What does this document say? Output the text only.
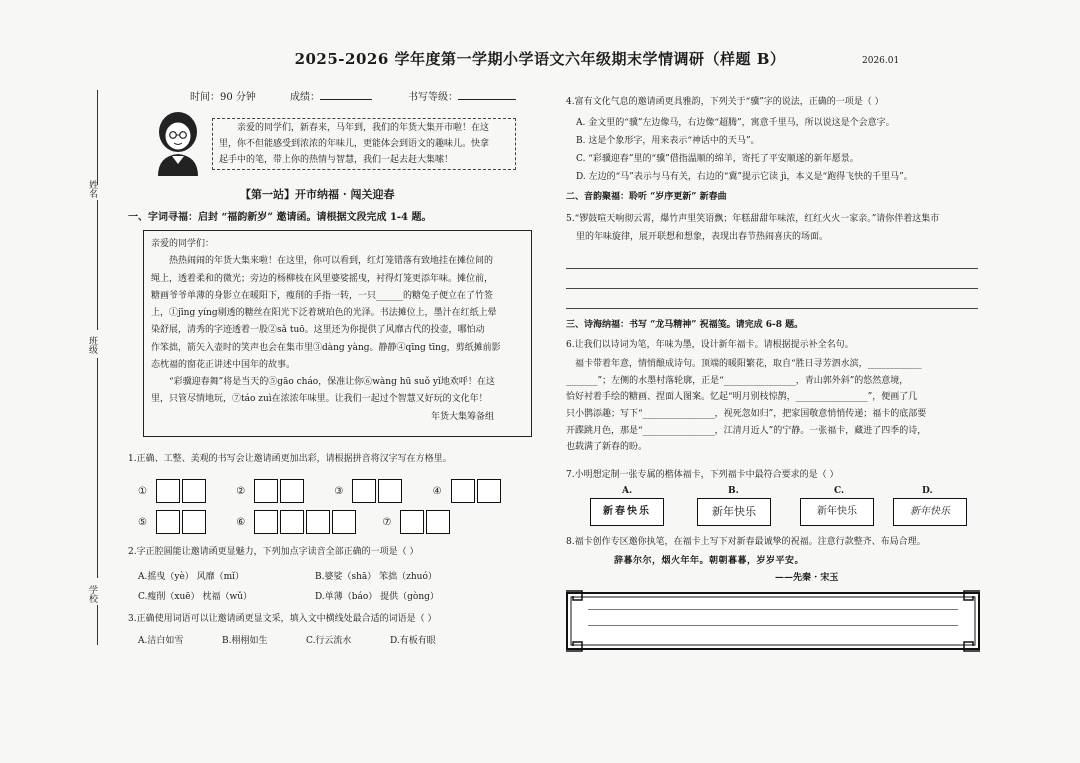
2025-2026 学年度第一学期小学语文六年级期末学情调研（样题 B）	2026.01
时间：90 分钟	成绩：	书写等级：
姓名
班级
学校
亲爱的同学们，新春来，马年到，我们的年货大集开市啦！在这
里，你不但能感受到浓浓的年味儿，更能体会到语文的趣味儿。快拿
起手中的笔，带上你的热情与智慧，我们一起去赶大集嗦！
【第一站】开市纳福 · 闯关迎春
一、字词寻福：启封 “福韵新岁” 邀请函。请根据文段完成 1-4 题。
亲爱的同学们：
热热闹闹的年货大集来啦！在这里，你可以看到，红灯笼错落有致地挂在摊位间的
绳上，透着柔和的微光；旁边的杨柳枝在风里婆娑摇曳，衬得灯笼更添年味。摊位前，
糖画爷爷单薄的身影立在暖阳下，瘦削的手指一转，一只______的糖兔子便立在了竹签
上，①jīng yíng剔透的糖丝在阳光下泛着琥珀色的光泽。书法摊位上，墨汁在红纸上晕
染舒展，清秀的字迹透着一股②sǎ tuō。这里还为你提供了风靡古代的投壶，哪怕动
作笨拙，箭矢入壶时的笑声也会在集市里③dàng yàng。静静④qīng tīng，剪纸摊前影
态枕福的窗花正讲述中国年的故事。
“彩骥迎春舞”将是当天的⑤gāo cháo，保准让你⑥wàng hū suǒ yǐ地欢呼！在这
里，只管尽情地玩，⑦táo zuì在浓浓年味里。让我们一起过个智慧又好玩的文化年！
年货大集筹备组
1.正确、工整、美观的书写会让邀请函更加出彩，请根据拼音将汉字写在方格里。
①	②	③	④
⑤	⑥	⑦
2.字正腔圆能让邀请函更显魅力，下列加点字读音全部正确的一项是（ ）
A.摇曳（yè） 风靡（mǐ）	B.婆娑（shā） 笨拙（zhuó）
C.瘦削（xuē） 枕福（wǔ）	D.单薄（báo） 提供（gòng）
3.正确使用词语可以让邀请函更显文采，填入文中横线处最合适的词语是（ ）
A.洁白如雪	B.栩栩如生	C.行云流水	D.有板有眼
4.富有文化气息的邀请函更具雅韵，下列关于“骥”字的说法，正确的一项是（ ）
A. 金文里的“骥”左边像马，右边像“超腾”，寓意千里马，所以说这是个会意字。
B. 这是个象形字，用来表示“神话中的天马”。
C. “彩骥迎春”里的“骥”借指温顺的绵羊，寄托了平安顺遂的新年愿景。
D. 左边的“马”表示与马有关，右边的“冀”提示它读 jì，本义是“跑得飞快的千里马”。
二、音韵聚福：聆听 “岁序更新” 新春曲
5.“锣鼓喧天响彻云霄，爆竹声里笑语飘；年糕甜甜年味浓，红红火火一家亲。”请你伴着这集市
里的年味旋律，展开联想和想象，表现出春节热闹喜庆的场面。
三、诗海纳福：书写 “龙马精神” 祝福笺。请完成 6-8 题。
6.让我们以诗词为笔，年味为墨，设计新年福卡。请根据提示补全名句。
福卡带着年意，情悄酿成诗句。顶端的暖阳繁花，取自“胜日寻芳泗水滨，____________
_______”；左侧的水墨村落轮廓，正是“________________，青山郭外斜”的悠然意境，
恰好衬着手绘的糖画、捏面人图案。忆起“明月别枝惊鹊，________________”，便画了几
只小鹊添趣；写下“________________，视死忽如归”，把家国敬意悄悄传递；福卡的底部要
开蹀跳月色，那是“________________，江清月近人”的宁静。一张福卡，藏进了四季的诗，
也载满了新春的盼。
7.小明想定制一张专属的楷体福卡，下列福卡中最符合要求的是（ ）
A.	B.	C.	D.
新春快乐	新年快乐	新年快乐	新年快乐
8.福卡创作专区邀你执笔，在福卡上写下对新春最诚挚的祝福。注意行款整齐、布局合理。
辞暮尔尔，烟火年年。朝朝暮暮，岁岁平安。
——先秦 · 宋玉
